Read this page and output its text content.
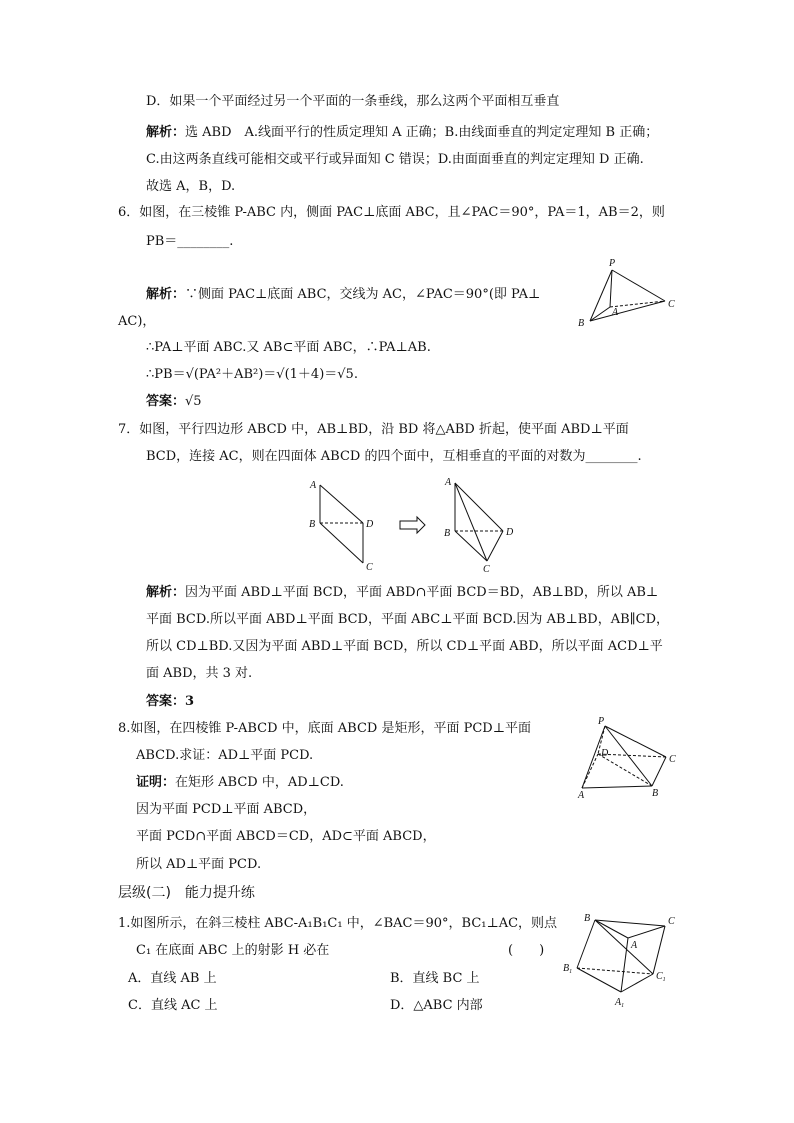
D．如果一个平面经过另一个平面的一条垂线，那么这两个平面相互垂直
解析：选 ABD　A.线面平行的性质定理知 A 正确；B.由线面垂直的判定定理知 B 正确；
C.由这两条直线可能相交或平行或异面知 C 错误；D.由面面垂直的判定定理知 D 正确.
故选 A，B，D.
6．如图，在三棱锥 P-ABC 内，侧面 PAC⊥底面 ABC，且∠PAC＝90°，PA＝1，AB＝2，则
PB＝________.
解析：∵侧面 PAC⊥底面 ABC，交线为 AC，∠PAC＝90°(即 PA⊥
AC)，
∴PA⊥平面 ABC.又 AB⊂平面 ABC，∴PA⊥AB.
∴PB＝√(PA²＋AB²)＝√(1＋4)＝√5.
答案：√5
P
A
B
C
7．如图，平行四边形 ABCD 中，AB⊥BD，沿 BD 将△ABD 折起，使平面 ABD⊥平面
BCD，连接 AC，则在四面体 ABCD 的四个面中，互相垂直的平面的对数为________.
A
B	D
C
A
B	D
C
解析：因为平面 ABD⊥平面 BCD，平面 ABD∩平面 BCD＝BD，AB⊥BD，所以 AB⊥
平面 BCD.所以平面 ABD⊥平面 BCD，平面 ABC⊥平面 BCD.因为 AB⊥BD，AB∥CD，
所以 CD⊥BD.又因为平面 ABD⊥平面 BCD，所以 CD⊥平面 ABD，所以平面 ACD⊥平
面 ABD，共 3 对.
答案：3
8.如图，在四棱锥 P-ABCD 中，底面 ABCD 是矩形，平面 PCD⊥平面
ABCD.求证：AD⊥平面 PCD.
证明：在矩形 ABCD 中，AD⊥CD.
因为平面 PCD⊥平面 ABCD，
平面 PCD∩平面 ABCD＝CD，AD⊂平面 ABCD，
所以 AD⊥平面 PCD.
P
D
C
A	B
层级(二)　能力提升练
1.如图所示，在斜三棱柱 ABC-A₁B₁C₁ 中，∠BAC＝90°，BC₁⊥AC，则点
C₁ 在底面 ABC 上的射影 H 必在	(　　)
A．直线 AB 上	B．直线 BC 上
C．直线 AC 上	D．△ABC 内部
B	C
A
$B_1$	$C_1$
$A_1$
